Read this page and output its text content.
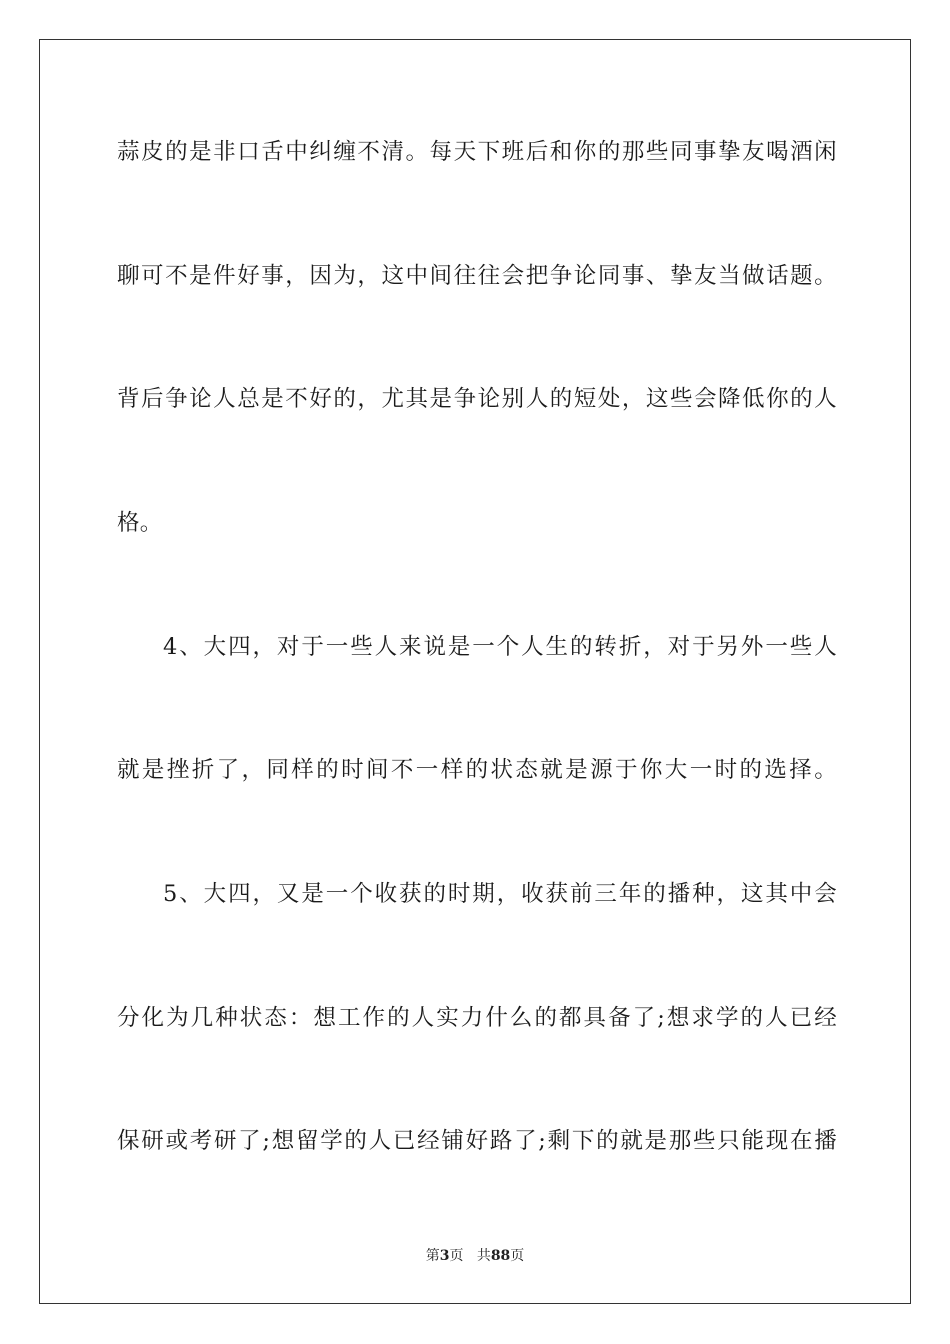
蒜皮的是非口舌中纠缠不清。每天下班后和你的那些同事挚友喝酒闲
聊可不是件好事，因为，这中间往往会把争论同事、挚友当做话题。
背后争论人总是不好的，尤其是争论别人的短处，这些会降低你的人
格。
4、大四，对于一些人来说是一个人生的转折，对于另外一些人
就是挫折了，同样的时间不一样的状态就是源于你大一时的选择。
5、大四，又是一个收获的时期，收获前三年的播种，这其中会
分化为几种状态：想工作的人实力什么的都具备了;想求学的人已经
保研或考研了;想留学的人已经铺好路了;剩下的就是那些只能现在播
第3页 共88页
